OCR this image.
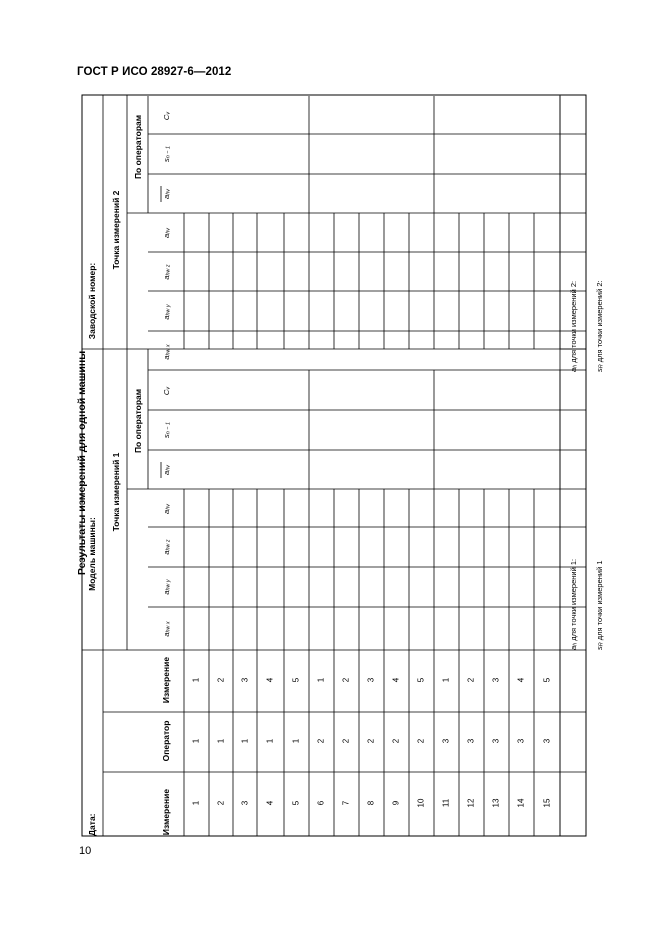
ГОСТ Р ИСО 28927-6—2012
Результаты измерений для одной машины
Дата:
Модель машины:
Заводской номер:
Измерение
Оператор
Измерение
Точка измерений 1
Точка измерений 2
По операторам
По операторам
$a_{hw x}$
$a_{hw y}$
$a_{hw z}$
$a_{hv}$
$a_{hv}$
$s_{n - 1}$
$C_v$
$a_{hw x}$
$a_{hw y}$
$a_{hw z}$
$a_{hv}$
$a_{hv}$
$s_{n - 1}$
$C_v$
1
1
1
2
1
2
3
1
3
4
1
4
5
1
5
6
2
1
7
2
2
8
2
3
9
2
4
10
2
5
11
3
1
12
3
2
13
3
3
14
3
4
15
3
5
$a_h$ для точки измерений 1:
$s_R$ для точки измерений 1
$a_h$ для точки измерений 2:
$s_R$ для точки измерений 2:
10
